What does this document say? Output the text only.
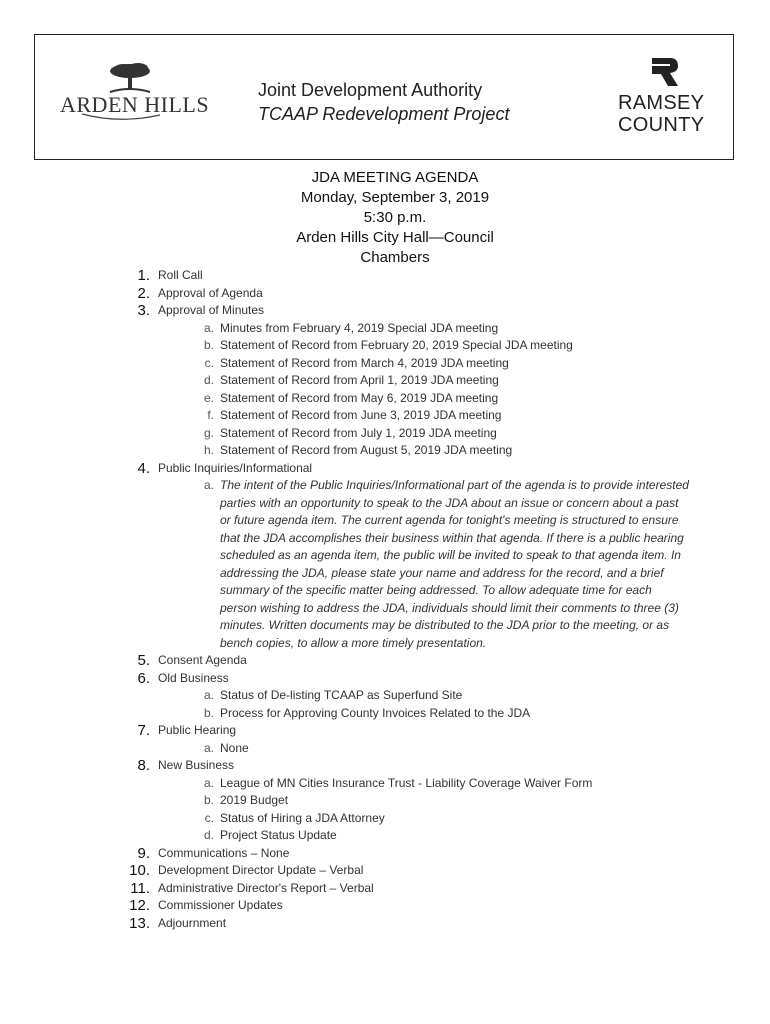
ARDEN HILLS
Joint Development Authority
TCAAP Redevelopment Project	RAMSEY
COUNTY
JDA MEETING AGENDA
Monday, September 3, 2019
5:30 p.m.
Arden Hills City Hall—Council
Chambers
1. Roll Call
2. Approval of Agenda
3. Approval of Minutes
a. Minutes from February 4, 2019 Special JDA meeting
b. Statement of Record from February 20, 2019 Special JDA meeting
c. Statement of Record from March 4, 2019 JDA meeting
d. Statement of Record from April 1, 2019 JDA meeting
e. Statement of Record from May 6, 2019 JDA meeting
f. Statement of Record from June 3, 2019 JDA meeting
g. Statement of Record from July 1, 2019 JDA meeting
h. Statement of Record from August 5, 2019 JDA meeting
4. Public Inquiries/Informational
a. The intent of the Public Inquiries/Informational part of the agenda is to provide interested parties with an opportunity to speak to the JDA about an issue or concern about a past or future agenda item. The current agenda for tonight's meeting is structured to ensure that the JDA accomplishes their business within that agenda. If there is a public hearing scheduled as an agenda item, the public will be invited to speak to that agenda item. In addressing the JDA, please state your name and address for the record, and a brief summary of the specific matter being addressed. To allow adequate time for each person wishing to address the JDA, individuals should limit their comments to three (3) minutes. Written documents may be distributed to the JDA prior to the meeting, or as bench copies, to allow a more timely presentation.
5. Consent Agenda
6. Old Business
a. Status of De-listing TCAAP as Superfund Site
b. Process for Approving County Invoices Related to the JDA
7. Public Hearing
a. None
8. New Business
a. League of MN Cities Insurance Trust - Liability Coverage Waiver Form
b. 2019 Budget
c. Status of Hiring a JDA Attorney
d. Project Status Update
9. Communications – None
10. Development Director Update – Verbal
11. Administrative Director's Report – Verbal
12. Commissioner Updates
13. Adjournment
